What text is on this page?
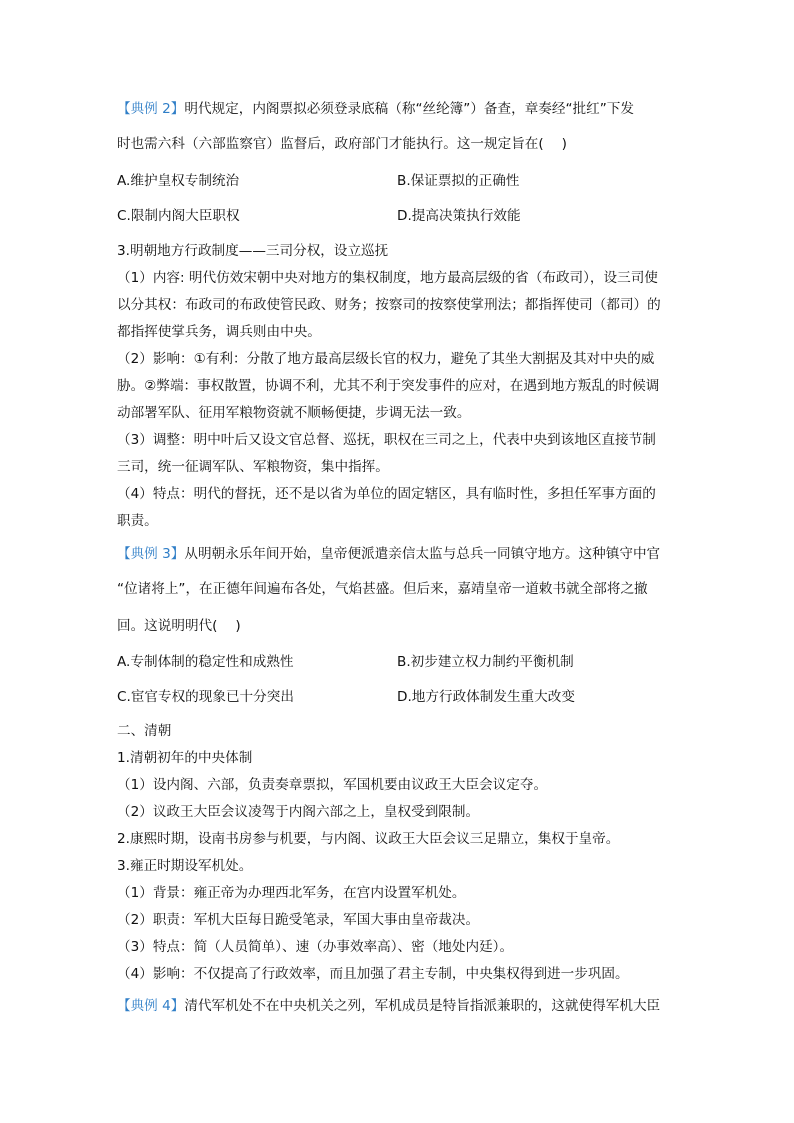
【典例 2】明代规定，内阁票拟必须登录底稿（称“丝纶簿”）备查，章奏经“批红”下发
时也需六科（六部监察官）监督后，政府部门才能执行。这一规定旨在(　 )
A.维护皇权专制统治	B.保证票拟的正确性
C.限制内阁大臣职权	D.提高决策执行效能
3.明朝地方行政制度——三司分权，设立巡抚
（1）内容: 明代仿效宋朝中央对地方的集权制度，地方最高层级的省（布政司），设三司使
以分其权：布政司的布政使管民政、财务；按察司的按察使掌刑法；都指挥使司（都司）的
都指挥使掌兵务，调兵则由中央。
（2）影响：①有利：分散了地方最高层级长官的权力，避免了其坐大割据及其对中央的威
胁。②弊端：事权散置，协调不利，尤其不利于突发事件的应对，在遇到地方叛乱的时候调
动部署军队、征用军粮物资就不顺畅便捷，步调无法一致。
（3）调整：明中叶后又设文官总督、巡抚，职权在三司之上，代表中央到该地区直接节制
三司，统一征调军队、军粮物资，集中指挥。
（4）特点：明代的督抚，还不是以省为单位的固定辖区，具有临时性，多担任军事方面的
职责。
【典例 3】从明朝永乐年间开始，皇帝便派遣亲信太监与总兵一同镇守地方。这种镇守中官
“位诸将上”，在正德年间遍布各处，气焰甚盛。但后来，嘉靖皇帝一道敕书就全部将之撤
回。这说明明代(　 )
A.专制体制的稳定性和成熟性	B.初步建立权力制约平衡机制
C.宦官专权的现象已十分突出	D.地方行政体制发生重大改变
二、清朝
1.清朝初年的中央体制
（1）设内阁、六部，负责奏章票拟，军国机要由议政王大臣会议定夺。
（2）议政王大臣会议凌驾于内阁六部之上，皇权受到限制。
2.康熙时期，设南书房参与机要，与内阁、议政王大臣会议三足鼎立，集权于皇帝。
3.雍正时期设军机处。
（1）背景：雍正帝为办理西北军务，在宫内设置军机处。
（2）职责：军机大臣每日跪受笔录，军国大事由皇帝裁决。
（3）特点：简（人员简单）、速（办事效率高）、密（地处内廷）。
（4）影响：不仅提高了行政效率，而且加强了君主专制，中央集权得到进一步巩固。
【典例 4】清代军机处不在中央机关之列，军机成员是特旨指派兼职的，这就使得军机大臣
